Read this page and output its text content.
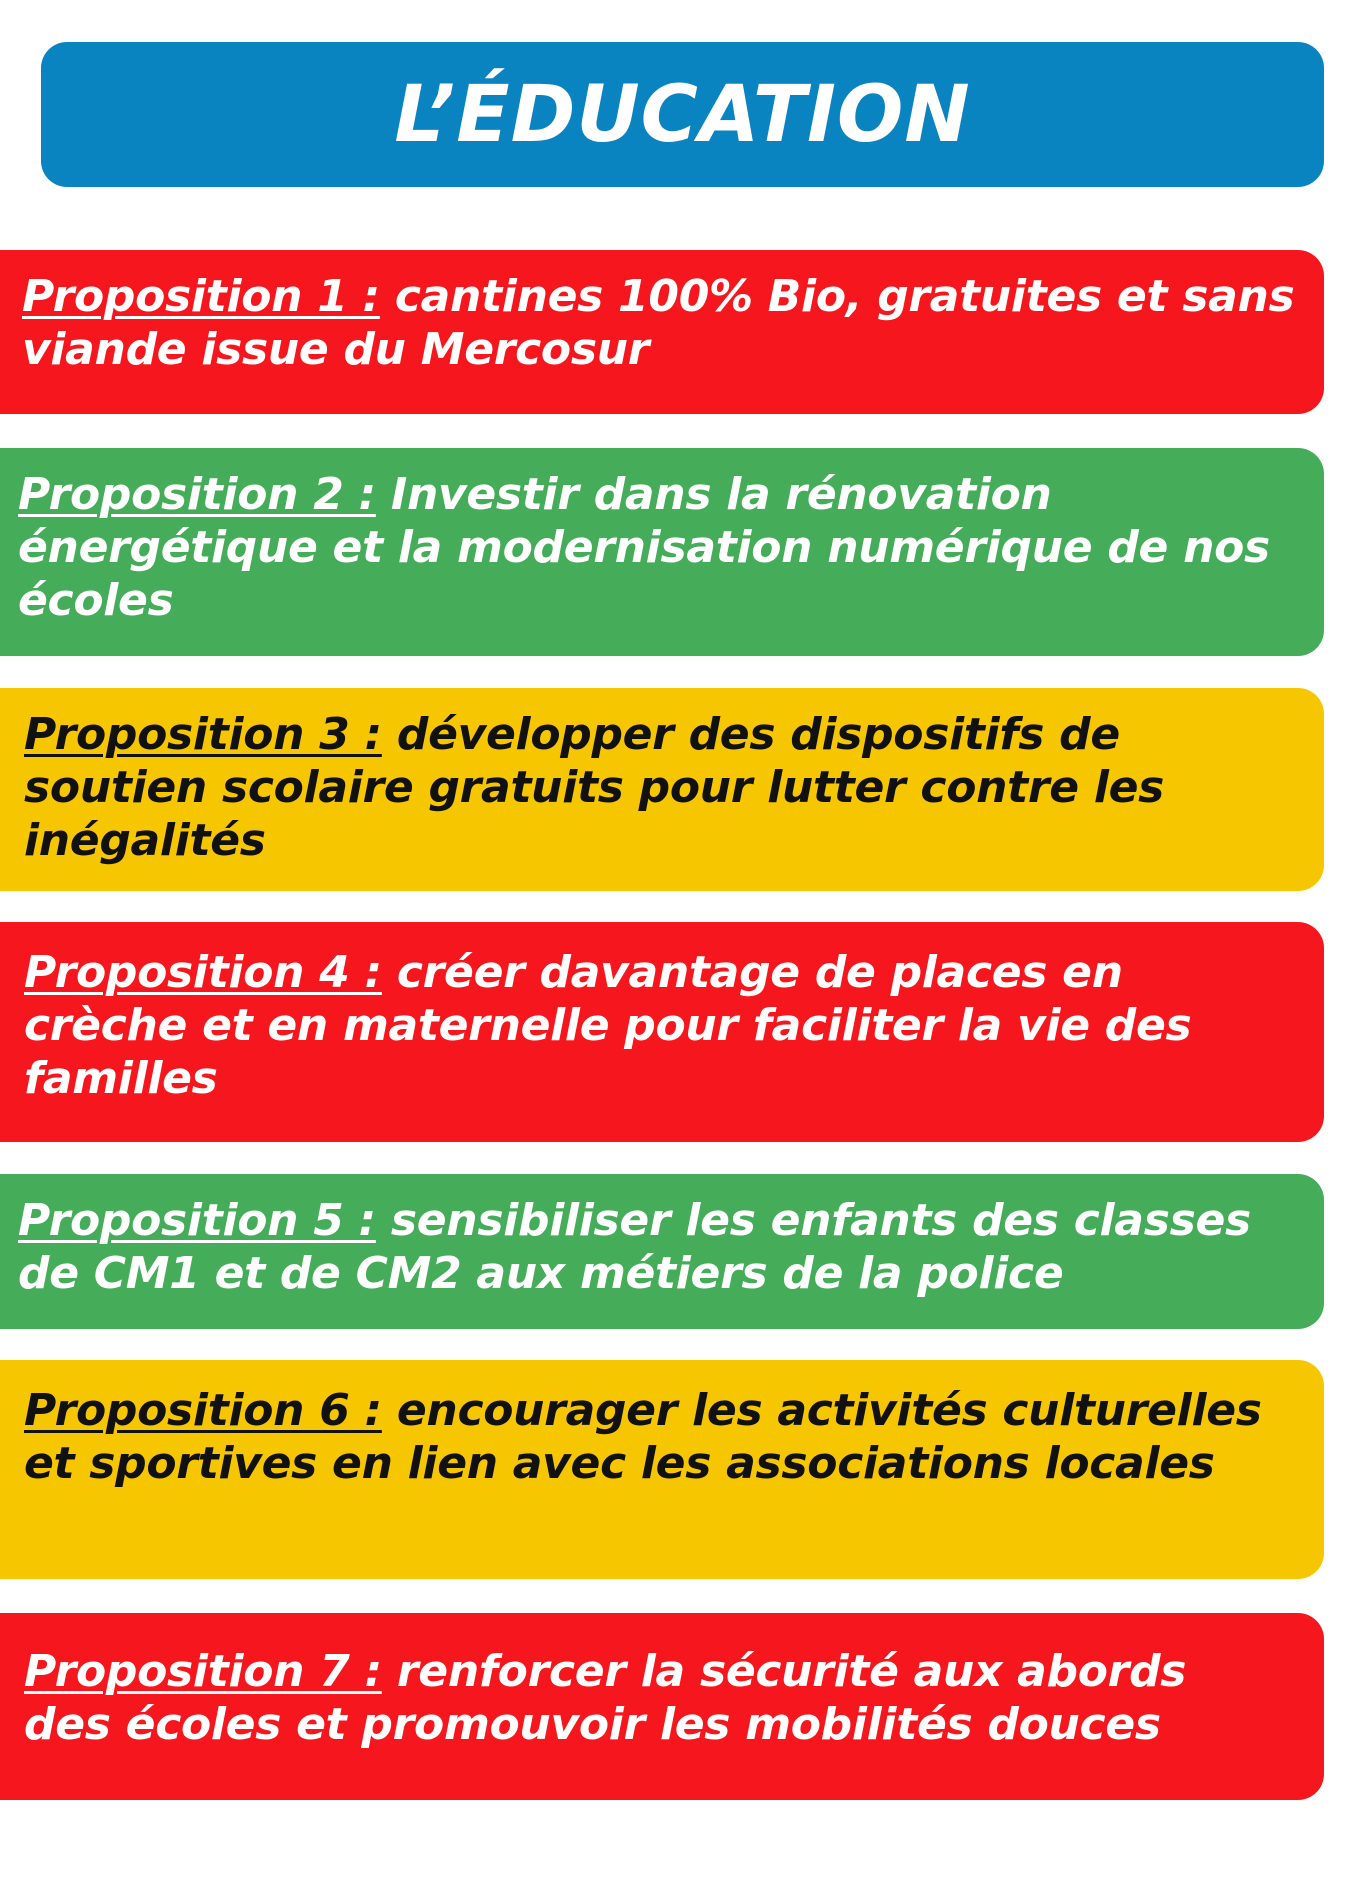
L’ÉDUCATION
Proposition 1 : cantines 100% Bio, gratuites et sans viande issue du Mercosur
Proposition 2 : Investir dans la rénovation énergétique et la modernisation numérique de nos écoles
Proposition 3 : développer des dispositifs de soutien scolaire gratuits pour lutter contre les inégalités
Proposition 4 : créer davantage de places en crèche et en maternelle pour faciliter la vie des familles
Proposition 5 : sensibiliser les enfants des classes de CM1 et de CM2 aux métiers de la police
Proposition 6 : encourager les activités culturelles et sportives en lien avec les associations locales
Proposition 7 : renforcer la sécurité aux abords des écoles et promouvoir les mobilités douces
